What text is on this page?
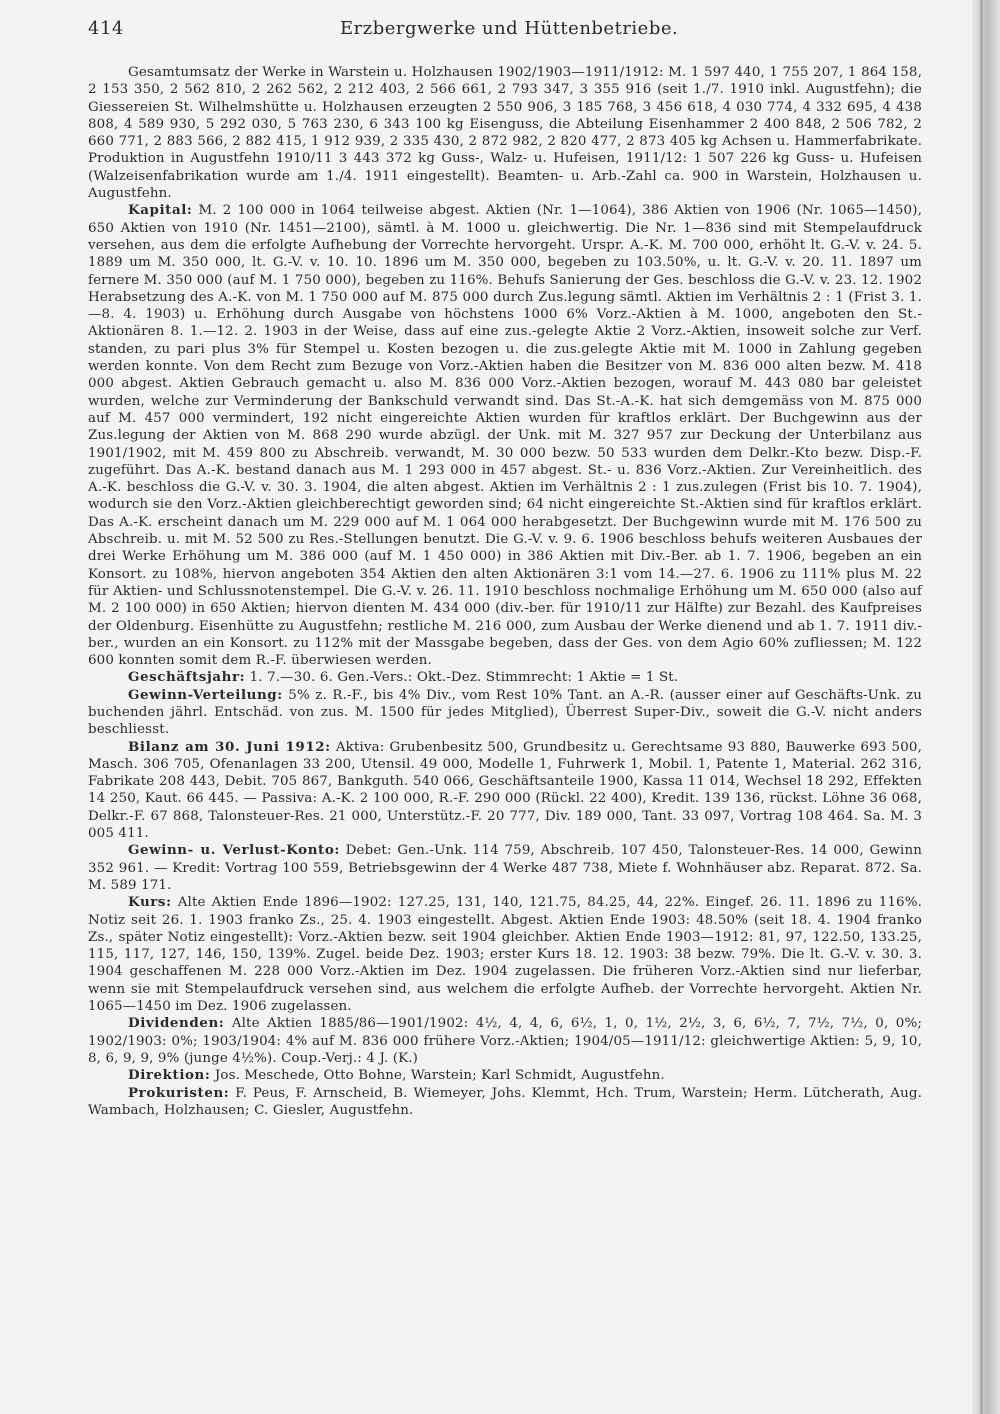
414	Erzbergwerke und Hüttenbetriebe.

Gesamtumsatz der Werke in Warstein u. Holzhausen 1902/1903—1911/1912: M. 1 597 440, 1 755 207, 1 864 158, 2 153 350, 2 562 810, 2 262 562, 2 212 403, 2 566 661, 2 793 347, 3 355 916 (seit 1./7. 1910 inkl. Augustfehn); die Giessereien St. Wilhelmshütte u. Holzhausen erzeugten 2 550 906, 3 185 768, 3 456 618, 4 030 774, 4 332 695, 4 438 808, 4 589 930, 5 292 030, 5 763 230, 6 343 100 kg Eisenguss, die Abteilung Eisenhammer 2 400 848, 2 506 782, 2 660 771, 2 883 566, 2 882 415, 1 912 939, 2 335 430, 2 872 982, 2 820 477, 2 873 405 kg Achsen u. Hammerfabrikate. Produktion in Augustfehn 1910/11 3 443 372 kg Guss-, Walz- u. Hufeisen, 1911/12: 1 507 226 kg Guss- u. Hufeisen (Walzeisenfabrikation wurde am 1./4. 1911 eingestellt). Beamten- u. Arb.-Zahl ca. 900 in Warstein, Holzhausen u. Augustfehn.

Kapital: M. 2 100 000 in 1064 teilweise abgest. Aktien (Nr. 1—1064), 386 Aktien von 1906 (Nr. 1065—1450), 650 Aktien von 1910 (Nr. 1451—2100), sämtl. à M. 1000 u. gleichwertig. Die Nr. 1—836 sind mit Stempelaufdruck versehen, aus dem die erfolgte Aufhebung der Vorrechte hervorgeht. Urspr. A.-K. M. 700 000, erhöht lt. G.-V. v. 24. 5. 1889 um M. 350 000, lt. G.-V. v. 10. 10. 1896 um M. 350 000, begeben zu 103.50%, u. lt. G.-V. v. 20. 11. 1897 um fernere M. 350 000 (auf M. 1 750 000), begeben zu 116%. Behufs Sanierung der Ges. beschloss die G.-V. v. 23. 12. 1902 Herabsetzung des A.-K. von M. 1 750 000 auf M. 875 000 durch Zus.legung sämtl. Aktien im Verhältnis 2 : 1 (Frist 3. 1.—8. 4. 1903) u. Erhöhung durch Ausgabe von höchstens 1000 6% Vorz.-Aktien à M. 1000, angeboten den St.-Aktionären 8. 1.—12. 2. 1903 in der Weise, dass auf eine zus.-gelegte Aktie 2 Vorz.-Aktien, insoweit solche zur Verf. standen, zu pari plus 3% für Stempel u. Kosten bezogen u. die zus.gelegte Aktie mit M. 1000 in Zahlung gegeben werden konnte. Von dem Recht zum Bezuge von Vorz.-Aktien haben die Besitzer von M. 836 000 alten bezw. M. 418 000 abgest. Aktien Gebrauch gemacht u. also M. 836 000 Vorz.-Aktien bezogen, worauf M. 443 080 bar geleistet wurden, welche zur Verminderung der Bankschuld verwandt sind. Das St.-A.-K. hat sich demgemäss von M. 875 000 auf M. 457 000 vermindert, 192 nicht eingereichte Aktien wurden für kraftlos erklärt. Der Buchgewinn aus der Zus.legung der Aktien von M. 868 290 wurde abzügl. der Unk. mit M. 327 957 zur Deckung der Unterbilanz aus 1901/1902, mit M. 459 800 zu Abschreib. verwandt, M. 30 000 bezw. 50 533 wurden dem Delkr.-Kto bezw. Disp.-F. zugeführt. Das A.-K. bestand danach aus M. 1 293 000 in 457 abgest. St.- u. 836 Vorz.-Aktien. Zur Vereinheitlich. des A.-K. beschloss die G.-V. v. 30. 3. 1904, die alten abgest. Aktien im Verhältnis 2 : 1 zus.zulegen (Frist bis 10. 7. 1904), wodurch sie den Vorz.-Aktien gleichberechtigt geworden sind; 64 nicht eingereichte St.-Aktien sind für kraftlos erklärt. Das A.-K. erscheint danach um M. 229 000 auf M. 1 064 000 herabgesetzt. Der Buchgewinn wurde mit M. 176 500 zu Abschreib. u. mit M. 52 500 zu Res.-Stellungen benutzt. Die G.-V. v. 9. 6. 1906 beschloss behufs weiteren Ausbaues der drei Werke Erhöhung um M. 386 000 (auf M. 1 450 000) in 386 Aktien mit Div.-Ber. ab 1. 7. 1906, begeben an ein Konsort. zu 108%, hiervon angeboten 354 Aktien den alten Aktionären 3:1 vom 14.—27. 6. 1906 zu 111% plus M. 22 für Aktien- und Schlussnotenstempel. Die G.-V. v. 26. 11. 1910 beschloss nochmalige Erhöhung um M. 650 000 (also auf M. 2 100 000) in 650 Aktien; hiervon dienten M. 434 000 (div.-ber. für 1910/11 zur Hälfte) zur Bezahl. des Kaufpreises der Oldenburg. Eisenhütte zu Augustfehn; restliche M. 216 000, zum Ausbau der Werke dienend und ab 1. 7. 1911 div.-ber., wurden an ein Konsort. zu 112% mit der Massgabe begeben, dass der Ges. von dem Agio 60% zufliessen; M. 122 600 konnten somit dem R.-F. überwiesen werden.

Geschäftsjahr: 1. 7.—30. 6. Gen.-Vers.: Okt.-Dez. Stimmrecht: 1 Aktie = 1 St.

Gewinn-Verteilung: 5% z. R.-F., bis 4% Div., vom Rest 10% Tant. an A.-R. (ausser einer auf Geschäfts-Unk. zu buchenden jährl. Entschäd. von zus. M. 1500 für jedes Mitglied), Überrest Super-Div., soweit die G.-V. nicht anders beschliesst.

Bilanz am 30. Juni 1912: Aktiva: Grubenbesitz 500, Grundbesitz u. Gerechtsame 93 880, Bauwerke 693 500, Masch. 306 705, Ofenanlagen 33 200, Utensil. 49 000, Modelle 1, Fuhrwerk 1, Mobil. 1, Patente 1, Material. 262 316, Fabrikate 208 443, Debit. 705 867, Bankguth. 540 066, Geschäftsanteile 1900, Kassa 11 014, Wechsel 18 292, Effekten 14 250, Kaut. 66 445. — Passiva: A.-K. 2 100 000, R.-F. 290 000 (Rückl. 22 400), Kredit. 139 136, rückst. Löhne 36 068, Delkr.-F. 67 868, Talonsteuer-Res. 21 000, Unterstütz.-F. 20 777, Div. 189 000, Tant. 33 097, Vortrag 108 464. Sa. M. 3 005 411.

Gewinn- u. Verlust-Konto: Debet: Gen.-Unk. 114 759, Abschreib. 107 450, Talonsteuer-Res. 14 000, Gewinn 352 961. — Kredit: Vortrag 100 559, Betriebsgewinn der 4 Werke 487 738, Miete f. Wohnhäuser abz. Reparat. 872. Sa. M. 589 171.

Kurs: Alte Aktien Ende 1896—1902: 127.25, 131, 140, 121.75, 84.25, 44, 22%. Eingef. 26. 11. 1896 zu 116%. Notiz seit 26. 1. 1903 franko Zs., 25. 4. 1903 eingestellt. Abgest. Aktien Ende 1903: 48.50% (seit 18. 4. 1904 franko Zs., später Notiz eingestellt): Vorz.-Aktien bezw. seit 1904 gleichber. Aktien Ende 1903—1912: 81, 97, 122.50, 133.25, 115, 117, 127, 146, 150, 139%. Zugel. beide Dez. 1903; erster Kurs 18. 12. 1903: 38 bezw. 79%. Die lt. G.-V. v. 30. 3. 1904 geschaffenen M. 228 000 Vorz.-Aktien im Dez. 1904 zugelassen. Die früheren Vorz.-Aktien sind nur lieferbar, wenn sie mit Stempelaufdruck versehen sind, aus welchem die erfolgte Aufheb. der Vorrechte hervorgeht. Aktien Nr. 1065—1450 im Dez. 1906 zugelassen.

Dividenden: Alte Aktien 1885/86—1901/1902: 4½, 4, 4, 6, 6½, 1, 0, 1½, 2½, 3, 6, 6½, 7, 7½, 7½, 0, 0%; 1902/1903: 0%; 1903/1904: 4% auf M. 836 000 frühere Vorz.-Aktien; 1904/05—1911/12: gleichwertige Aktien: 5, 9, 10, 8, 6, 9, 9, 9% (junge 4½%). Coup.-Verj.: 4 J. (K.)

Direktion: Jos. Meschede, Otto Bohne, Warstein; Karl Schmidt, Augustfehn.

Prokuristen: F. Peus, F. Arnscheid, B. Wiemeyer, Johs. Klemmt, Hch. Trum, Warstein; Herm. Lütcherath, Aug. Wambach, Holzhausen; C. Giesler, Augustfehn.
